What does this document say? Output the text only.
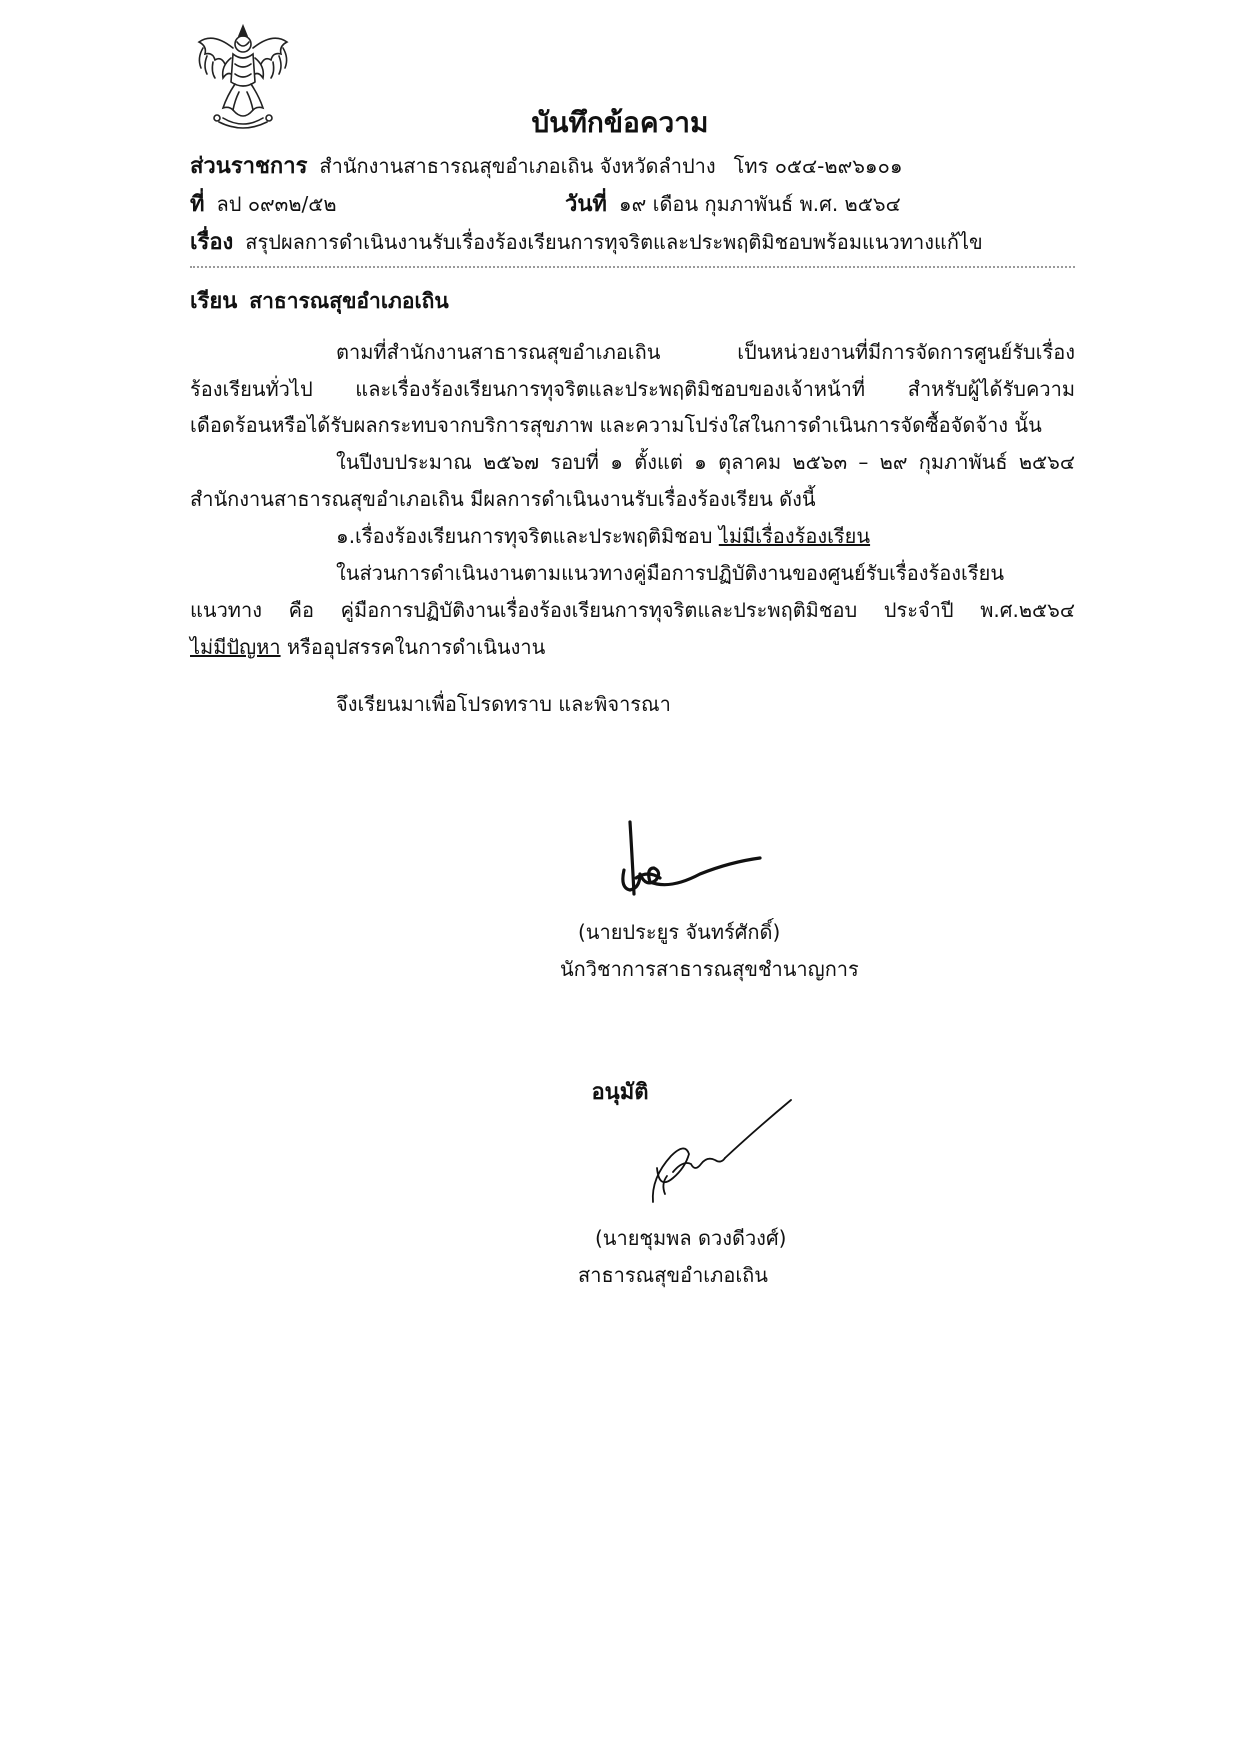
บันทึกข้อความ
ส่วนราชการ สำนักงานสาธารณสุขอำเภอเถิน จังหวัดลำปาง โทร ๐๕๔-๒๙๖๑๐๑
ที่ ลป ๐๙๓๒/๕๒	วันที่ ๑๙ เดือน กุมภาพันธ์ พ.ศ. ๒๕๖๔
เรื่อง สรุปผลการดำเนินงานรับเรื่องร้องเรียนการทุจริตและประพฤติมิชอบพร้อมแนวทางแก้ไข
เรียน สาธารณสุขอำเภอเถิน
ตามที่สำนักงานสาธารณสุขอำเภอเถิน เป็นหน่วยงานที่มีการจัดการศูนย์รับเรื่อง
ร้องเรียนทั่วไป และเรื่องร้องเรียนการทุจริตและประพฤติมิชอบของเจ้าหน้าที่ สำหรับผู้ได้รับความ
เดือดร้อนหรือได้รับผลกระทบจากบริการสุขภาพ และความโปร่งใสในการดำเนินการจัดซื้อจัดจ้าง นั้น
ในปีงบประมาณ ๒๕๖๗ รอบที่ ๑ ตั้งแต่ ๑ ตุลาคม ๒๕๖๓ – ๒๙ กุมภาพันธ์ ๒๕๖๔
สำนักงานสาธารณสุขอำเภอเถิน มีผลการดำเนินงานรับเรื่องร้องเรียน ดังนี้
๑.เรื่องร้องเรียนการทุจริตและประพฤติมิชอบ ไม่มีเรื่องร้องเรียน
ในส่วนการดำเนินงานตามแนวทางคู่มือการปฏิบัติงานของศูนย์รับเรื่องร้องเรียน
แนวทาง คือ คู่มือการปฏิบัติงานเรื่องร้องเรียนการทุจริตและประพฤติมิชอบ ประจำปี พ.ศ.๒๕๖๔
ไม่มีปัญหา หรืออุปสรรคในการดำเนินงาน
จึงเรียนมาเพื่อโปรดทราบ และพิจารณา
(นายประยูร จันทร์ศักดิ์)
นักวิชาการสาธารณสุขชำนาญการ
อนุมัติ
(นายชุมพล ดวงดีวงศ์)
สาธารณสุขอำเภอเถิน
